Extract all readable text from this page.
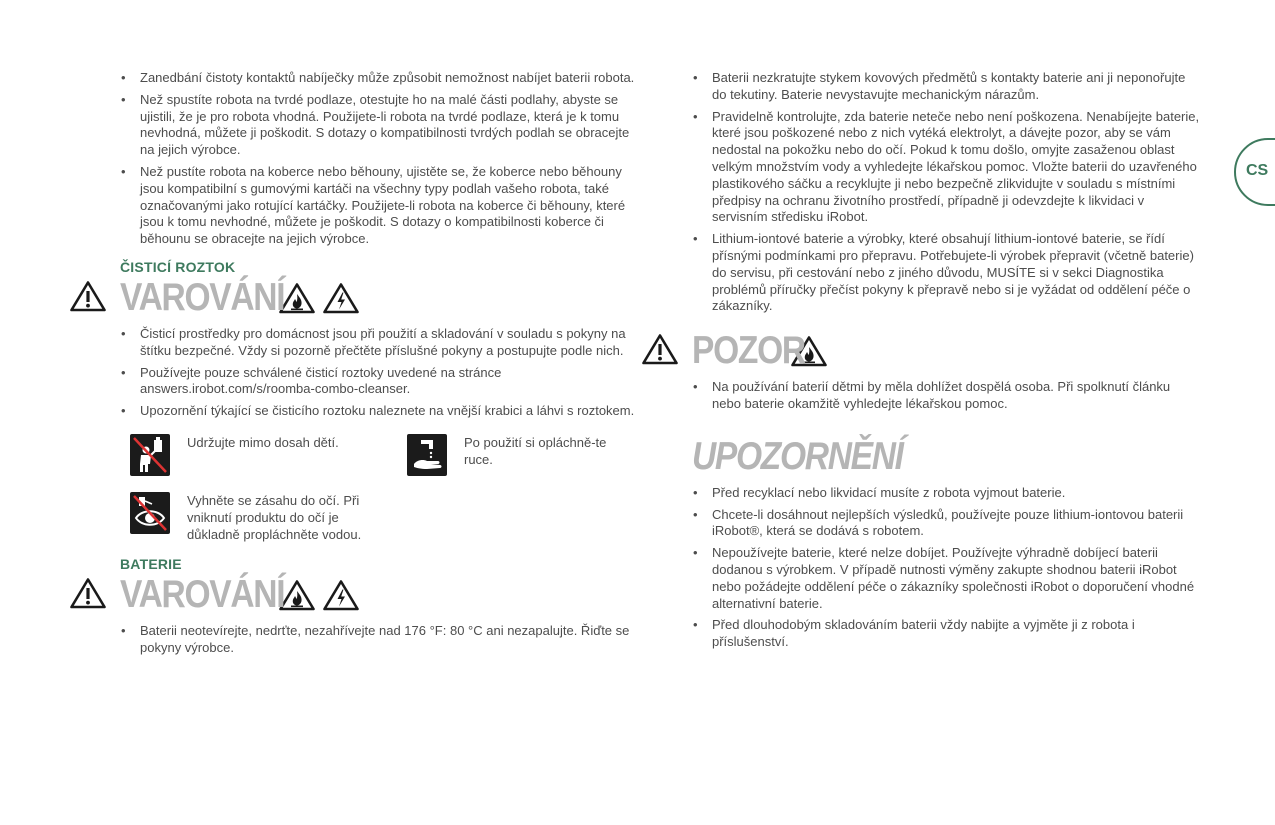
• Zanedbání čistoty kontaktů nabíječky může způsobit nemožnost nabíjet baterii robota.
• Než spustíte robota na tvrdé podlaze, otestujte ho na malé části podlahy, abyste se ujistili, že je pro robota vhodná. Použijete-li robota na tvrdé podlaze, která je k tomu nevhodná, můžete ji poškodit. S dotazy o kompatibilnosti tvrdých podlah se obracejte na jejich výrobce.
• Než pustíte robota na koberce nebo běhouny, ujistěte se, že koberce nebo běhouny jsou kompatibilní s gumovými kartáči na všechny typy podlah vašeho robota, také označovanými jako rotující kartáčky. Použijete-li robota na koberce či běhouny, které jsou k tomu nevhodné, můžete je poškodit. S dotazy o kompatibilnosti koberce či běhounu se obracejte na jejich výrobce.
ČISTICÍ ROZTOK
VAROVÁNÍ
• Čisticí prostředky pro domácnost jsou při použití a skladování v souladu s pokyny na štítku bezpečné. Vždy si pozorně přečtěte příslušné pokyny a postupujte podle nich.
• Používejte pouze schválené čisticí roztoky uvedené na stránce answers.irobot.com/s/roomba-combo-cleanser.
• Upozornění týkající se čisticího roztoku naleznete na vnější krabici a láhvi s roztokem.
Udržujte mimo dosah dětí.	Po použití si opláchně-te ruce.
Vyhněte se zásahu do očí. Při vniknutí produktu do očí je důkladně propláchněte vodou.
BATERIE
VAROVÁNÍ
• Baterii neotevírejte, nedrťte, nezahřívejte nad 176 °F: 80 °C ani nezapalujte. Řiďte se pokyny výrobce.
• Baterii nezkratujte stykem kovových předmětů s kontakty baterie ani ji neponořujte do tekutiny. Baterie nevystavujte mechanickým nárazům.
• Pravidelně kontrolujte, zda baterie neteče nebo není poškozena. Nenabíjejte baterie, které jsou poškozené nebo z nich vytéká elektrolyt, a dávejte pozor, aby se vám nedostal na pokožku nebo do očí. Pokud k tomu došlo, omyjte zasaženou oblast velkým množstvím vody a vyhledejte lékařskou pomoc. Vložte baterii do uzavřeného plastikového sáčku a recyklujte ji nebo bezpečně zlikvidujte v souladu s místními předpisy na ochranu životního prostředí, případně ji odevzdejte k likvidaci v servisním středisku iRobot.
• Lithium-iontové baterie a výrobky, které obsahují lithium-iontové baterie, se řídí přísnými podmínkami pro přepravu. Potřebujete-li výrobek přepravit (včetně baterie) do servisu, při cestování nebo z jiného důvodu, MUSÍTE si v sekci Diagnostika problémů příručky přečíst pokyny k přepravě nebo si je vyžádat od oddělení péče o zákazníky.
POZOR
• Na používání baterií dětmi by měla dohlížet dospělá osoba. Při spolknutí článku nebo baterie okamžitě vyhledejte lékařskou pomoc.
UPOZORNĚNÍ
• Před recyklací nebo likvidací musíte z robota vyjmout baterie.
• Chcete-li dosáhnout nejlepších výsledků, používejte pouze lithium-iontovou baterii iRobot®, která se dodává s robotem.
• Nepoužívejte baterie, které nelze dobíjet. Používejte výhradně dobíjecí baterii dodanou s výrobkem. V případě nutnosti výměny zakupte shodnou baterii iRobot nebo požádejte oddělení péče o zákazníky společnosti iRobot o doporučení vhodné alternativní baterie.
• Před dlouhodobým skladováním baterii vždy nabijte a vyjměte ji z robota i příslušenství.
CS
